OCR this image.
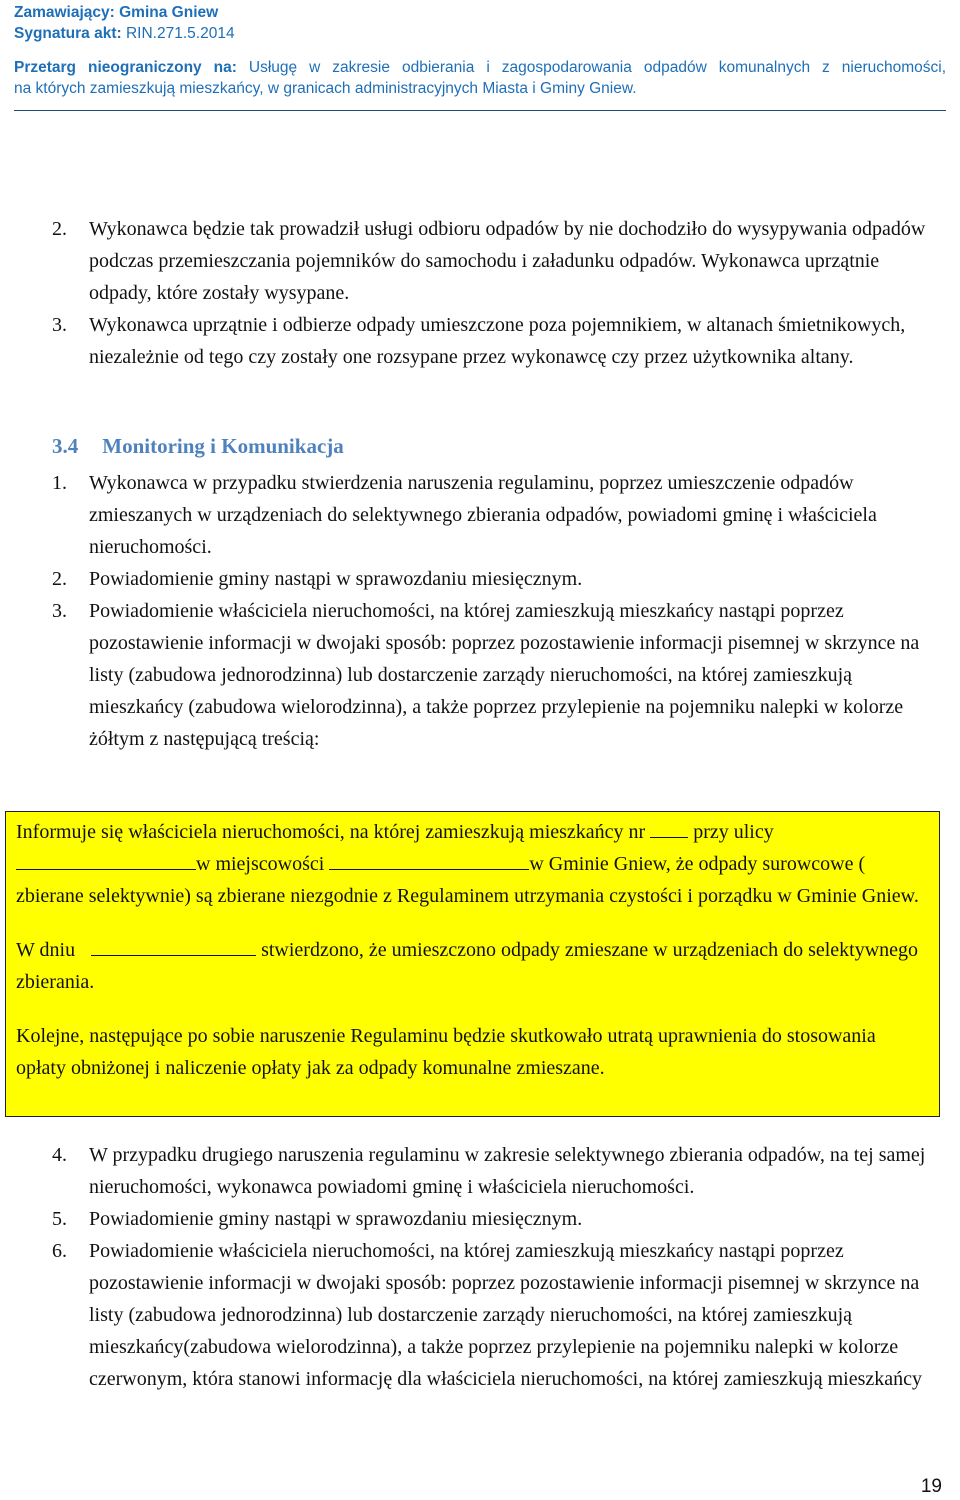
Zamawiający: Gmina Gniew
Sygnatura akt: RIN.271.5.2014
Przetarg nieograniczony na: Usługę w zakresie odbierania i zagospodarowania odpadów komunalnych z nieruchomości,
na których zamieszkują mieszkańcy, w granicach administracyjnych Miasta i Gminy Gniew.
2. Wykonawca będzie tak prowadził usługi odbioru odpadów by nie dochodziło do wysypywania odpadów podczas przemieszczania pojemników do samochodu i załadunku odpadów. Wykonawca uprzątnie odpady, które zostały wysypane.
3. Wykonawca uprzątnie i odbierze odpady umieszczone poza pojemnikiem, w altanach śmietnikowych, niezależnie od tego czy zostały one rozsypane przez wykonawcę czy przez użytkownika altany.
3.4 Monitoring i Komunikacja
1. Wykonawca w przypadku stwierdzenia naruszenia regulaminu, poprzez umieszczenie odpadów zmieszanych w urządzeniach do selektywnego zbierania odpadów, powiadomi gminę i właściciela nieruchomości.
2. Powiadomienie gminy nastąpi w sprawozdaniu miesięcznym.
3. Powiadomienie właściciela nieruchomości, na której zamieszkują mieszkańcy nastąpi poprzez pozostawienie informacji w dwojaki sposób: poprzez pozostawienie informacji pisemnej w skrzynce na listy (zabudowa jednorodzinna) lub dostarczenie zarządy nieruchomości, na której zamieszkują mieszkańcy (zabudowa wielorodzinna), a także poprzez przylepienie na pojemniku nalepki w kolorze żółtym z następującą treścią:

Informuje się właściciela nieruchomości, na której zamieszkują mieszkańcy nr przy ulicy w miejscowości	w Gminie Gniew, że odpady surowcowe ( zbierane selektywnie) są zbierane niezgodnie z Regulaminem utrzymania czystości i porządku w Gminie Gniew.

W dniu	stwierdzono, że umieszczono odpady zmieszane w urządzeniach do selektywnego zbierania.

Kolejne, następujące po sobie naruszenie Regulaminu będzie skutkowało utratą uprawnienia do stosowania opłaty obniżonej i naliczenie opłaty jak za odpady komunalne zmieszane.

4. W przypadku drugiego naruszenia regulaminu w zakresie selektywnego zbierania odpadów, na tej samej nieruchomości, wykonawca powiadomi gminę i właściciela nieruchomości.
5. Powiadomienie gminy nastąpi w sprawozdaniu miesięcznym.
6. Powiadomienie właściciela nieruchomości, na której zamieszkują mieszkańcy nastąpi poprzez pozostawienie informacji w dwojaki sposób: poprzez pozostawienie informacji pisemnej w skrzynce na listy (zabudowa jednorodzinna) lub dostarczenie zarządy nieruchomości, na której zamieszkują mieszkańcy(zabudowa wielorodzinna), a także poprzez przylepienie na pojemniku nalepki w kolorze czerwonym, która stanowi informację dla właściciela nieruchomości, na której zamieszkują mieszkańcy
19
